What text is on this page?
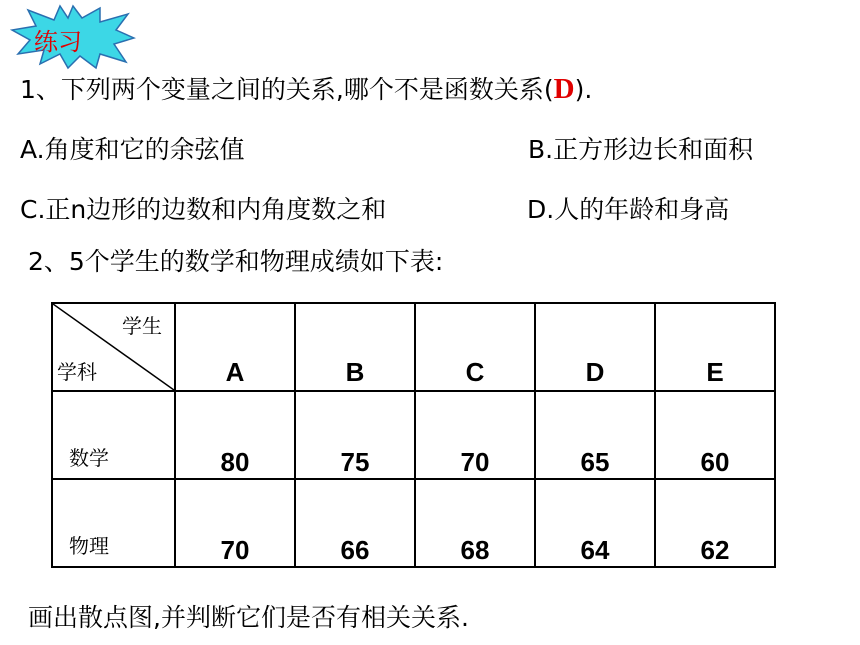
练习
1、下列两个变量之间的关系,哪个不是函数关系(D).
A.角度和它的余弦值	B.正方形边长和面积
C.正n边形的边数和内角度数之和	D.人的年龄和身高
2、5个学生的数学和物理成绩如下表:
学生
学科	A	B	C	D	E

数学	80	75	70	65	60

物理	70	66	68	64	62
画出散点图,并判断它们是否有相关关系.
